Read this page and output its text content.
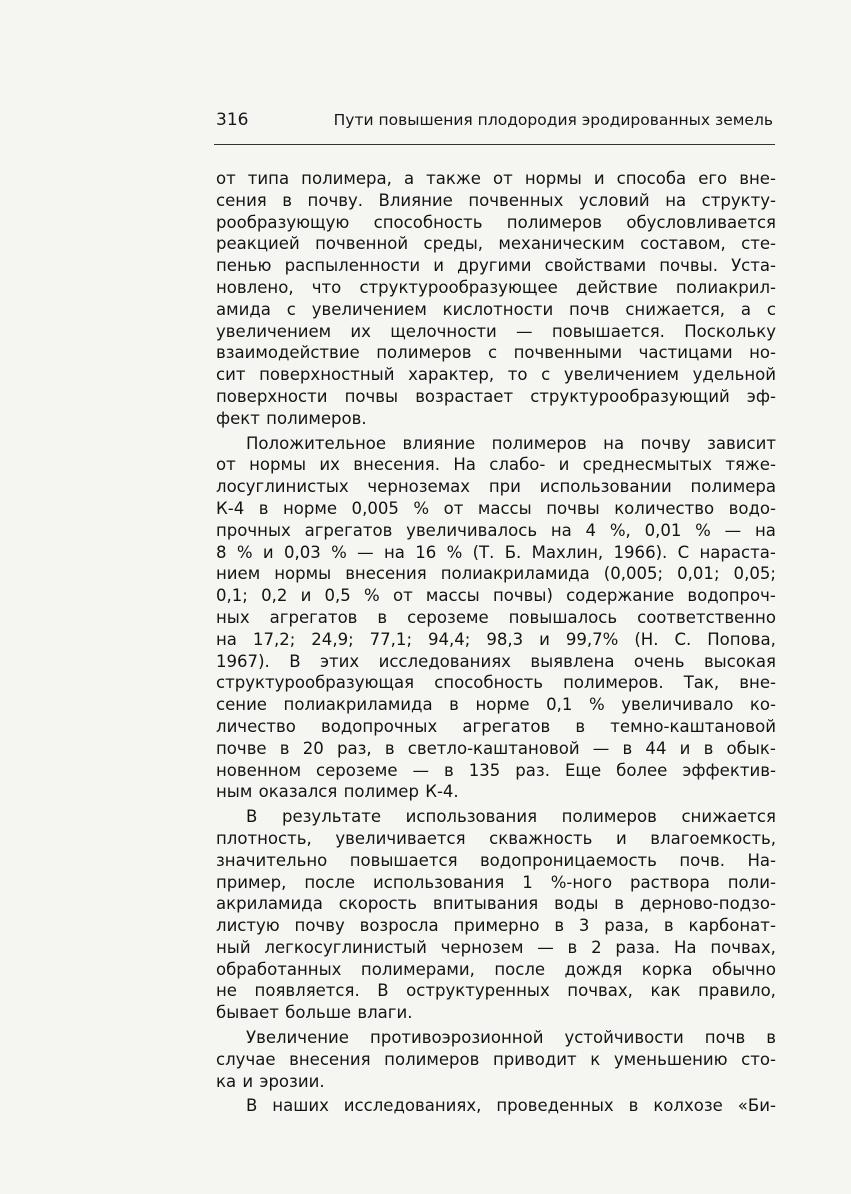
316	Пути повышения плодородия эродированных земель
от типа полимера, а также от нормы и способа его вне-
сения в почву. Влияние почвенных условий на структу-
рообразующую способность полимеров обусловливается
реакцией почвенной среды, механическим составом, сте-
пенью распыленности и другими свойствами почвы. Уста-
новлено, что структурообразующее действие полиакрил-
амида с увеличением кислотности почв снижается, а с
увеличением их щелочности — повышается. Поскольку
взаимодействие полимеров с почвенными частицами но-
сит поверхностный характер, то с увеличением удельной
поверхности почвы возрастает структурообразующий эф-
фект полимеров.
Положительное влияние полимеров на почву зависит
от нормы их внесения. На слабо- и среднесмытых тяже-
лосуглинистых черноземах при использовании полимера
К-4 в норме 0,005 % от массы почвы количество водо-
прочных агрегатов увеличивалось на 4 %, 0,01 % — на
8 % и 0,03 % — на 16 % (Т. Б. Махлин, 1966). С нараста-
нием нормы внесения полиакриламида (0,005; 0,01; 0,05;
0,1; 0,2 и 0,5 % от массы почвы) содержание водопроч-
ных агрегатов в сероземе повышалось соответственно
на 17,2; 24,9; 77,1; 94,4; 98,3 и 99,7% (Н. С. Попова,
1967). В этих исследованиях выявлена очень высокая
структурообразующая способность полимеров. Так, вне-
сение полиакриламида в норме 0,1 % увеличивало ко-
личество водопрочных агрегатов в темно-каштановой
почве в 20 раз, в светло-каштановой — в 44 и в обык-
новенном сероземе — в 135 раз. Еще более эффектив-
ным оказался полимер К-4.
В результате использования полимеров снижается
плотность, увеличивается скважность и влагоемкость,
значительно повышается водопроницаемость почв. На-
пример, после использования 1 %-ного раствора поли-
акриламида скорость впитывания воды в дерново-подзо-
листую почву возросла примерно в 3 раза, в карбонат-
ный легкосуглинистый чернозем — в 2 раза. На почвах,
обработанных полимерами, после дождя корка обычно
не появляется. В оструктуренных почвах, как правило,
бывает больше влаги.
Увеличение противоэрозионной устойчивости почв в
случае внесения полимеров приводит к уменьшению сто-
ка и эрозии.
В наших исследованиях, проведенных в колхозе «Би-
